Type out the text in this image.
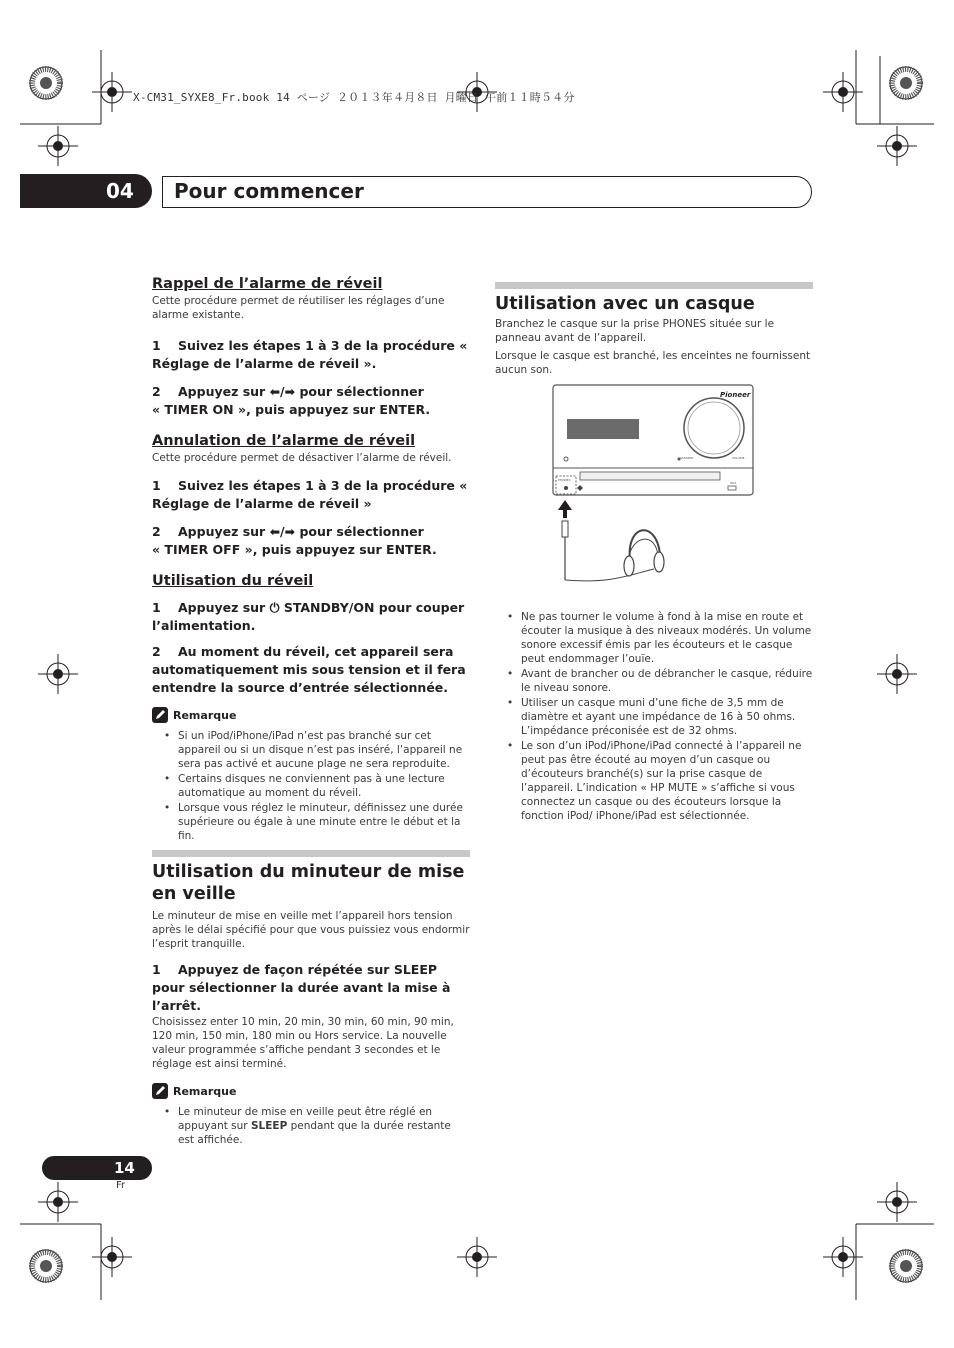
X-CM31_SYXE8_Fr.book 14 ページ ２０１３年４月８日 月曜日 午前１１時５４分
04 Pour commencer
Rappel de l’alarme de réveil

Cette procédure permet de réutiliser les réglages d’une alarme existante.

1 Suivez les étapes 1 à 3 de la procédure « Réglage de l’alarme de réveil ».

2 Appuyez sur ⬅/➡ pour sélectionner
« TIMER ON », puis appuyez sur ENTER.

Annulation de l’alarme de réveil

Cette procédure permet de désactiver l’alarme de réveil.

1 Suivez les étapes 1 à 3 de la procédure « Réglage de l’alarme de réveil »

2 Appuyez sur ⬅/➡ pour sélectionner
« TIMER OFF », puis appuyez sur ENTER.

Utilisation du réveil

1 Appuyez sur ⏻ STANDBY/ON pour couper l’alimentation.

2 Au moment du réveil, cet appareil sera automatiquement mis sous tension et il fera entendre la source d’entrée sélectionnée.

Remarque
• Si un iPod/iPhone/iPad n’est pas branché sur cet appareil ou si un disque n’est pas inséré, l’appareil ne sera pas activé et aucune plage ne sera reproduite.
• Certains disques ne conviennent pas à une lecture automatique au moment du réveil.
• Lorsque vous réglez le minuteur, définissez une durée supérieure ou égale à une minute entre le début et la fin.

Utilisation du minuteur de mise en veille

Le minuteur de mise en veille met l’appareil hors tension après le délai spécifié pour que vous puissiez vous endormir l’esprit tranquille.

1 Appuyez de façon répétée sur SLEEP pour sélectionner la durée avant la mise à l’arrêt.

Choisissez enter 10 min, 20 min, 30 min, 60 min, 90 min, 120 min, 150 min, 180 min ou Hors service. La nouvelle valeur programmée s’affiche pendant 3 secondes et le réglage est ainsi terminé.

Remarque
• Le minuteur de mise en veille peut être réglé en appuyant sur SLEEP pendant que la durée restante est affichée.

Utilisation avec un casque

Branchez le casque sur la prise PHONES située sur le panneau avant de l’appareil.

Lorsque le casque est branché, les enceintes ne fournissent aucun son.

Pioneer
STANDBY	VOLUME
PHONES
iPod
• Ne pas tourner le volume à fond à la mise en route et écouter la musique à des niveaux modérés. Un volume sonore excessif émis par les écouteurs et le casque peut endommager l’ouïe.
• Avant de brancher ou de débrancher le casque, réduire le niveau sonore.
• Utiliser un casque muni d’une fiche de 3,5 mm de diamètre et ayant une impédance de 16 à 50 ohms. L’impédance préconisée est de 32 ohms.
• Le son d’un iPod/iPhone/iPad connecté à l’appareil ne peut pas être écouté au moyen d’un casque ou d’écouteurs branché(s) sur la prise casque de l’appareil. L’indication « HP MUTE » s’affiche si vous connectez un casque ou des écouteurs lorsque la fonction iPod/ iPhone/iPad est sélectionnée.
14
Fr
